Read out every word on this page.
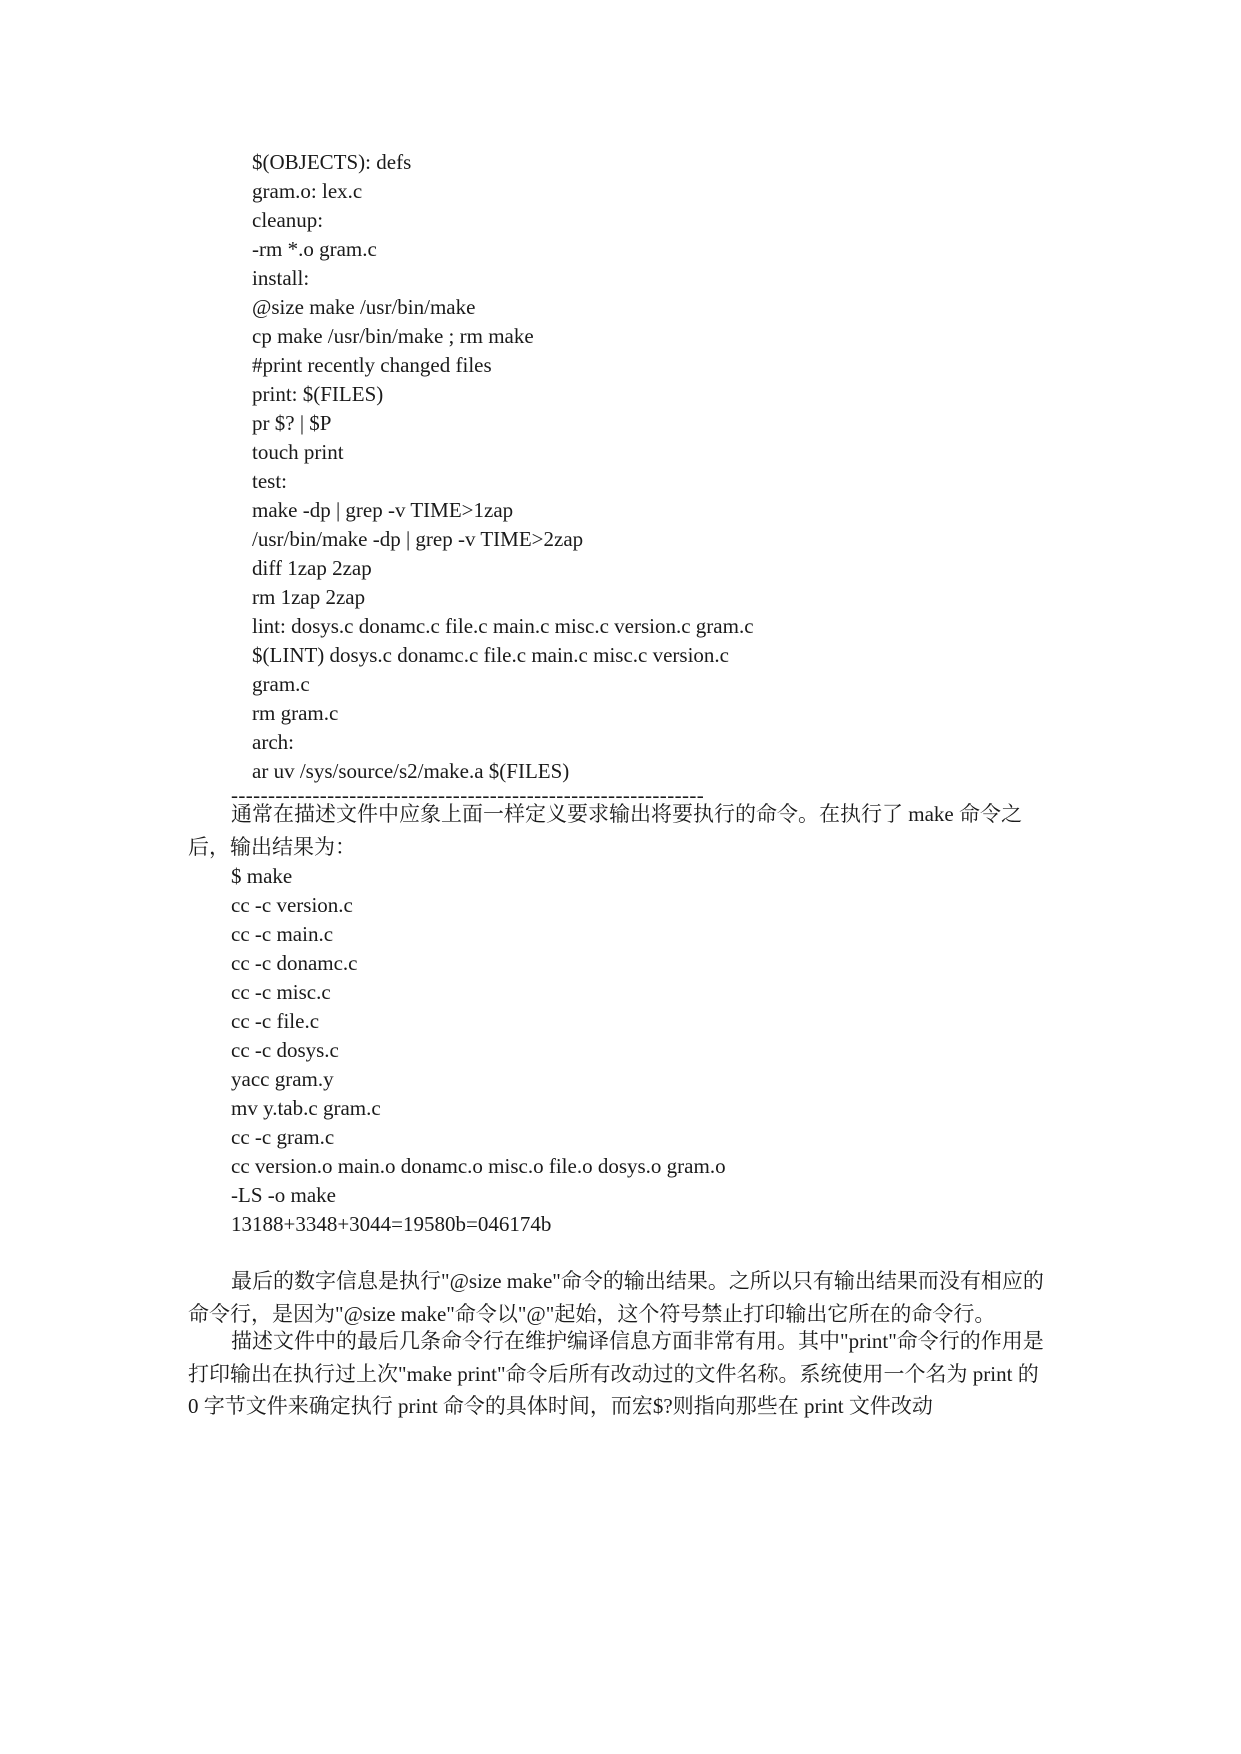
$(OBJECTS): defs
gram.o: lex.c
cleanup:
-rm *.o gram.c
install:
@size make /usr/bin/make
cp make /usr/bin/make ; rm make
#print recently changed files
print: $(FILES)
pr $? | $P
touch print
test:
make -dp | grep -v TIME>1zap
/usr/bin/make -dp | grep -v TIME>2zap
diff 1zap 2zap
rm 1zap 2zap
lint: dosys.c donamc.c file.c main.c misc.c version.c gram.c
$(LINT) dosys.c donamc.c file.c main.c misc.c version.c
gram.c
rm gram.c
arch:
ar uv /sys/source/s2/make.a $(FILES)
----------------------------------------------------------------
通常在描述文件中应象上面一样定义要求输出将要执行的命令。在执行了 make 命令之后，输出结果为：
$ make
cc -c version.c
cc -c main.c
cc -c donamc.c
cc -c misc.c
cc -c file.c
cc -c dosys.c
yacc gram.y
mv y.tab.c gram.c
cc -c gram.c
cc version.o main.o donamc.o misc.o file.o dosys.o gram.o
-LS -o make
13188+3348+3044=19580b=046174b
最后的数字信息是执行"@size make"命令的输出结果。之所以只有输出结果而没有相应的命令行，是因为"@size make"命令以"@"起始，这个符号禁止打印输出它所在的命令行。
描述文件中的最后几条命令行在维护编译信息方面非常有用。其中"print"命令行的作用是打印输出在执行过上次"make print"命令后所有改动过的文件名称。系统使用一个名为 print 的 0 字节文件来确定执行 print 命令的具体时间，而宏$?则指向那些在 print 文件改动
